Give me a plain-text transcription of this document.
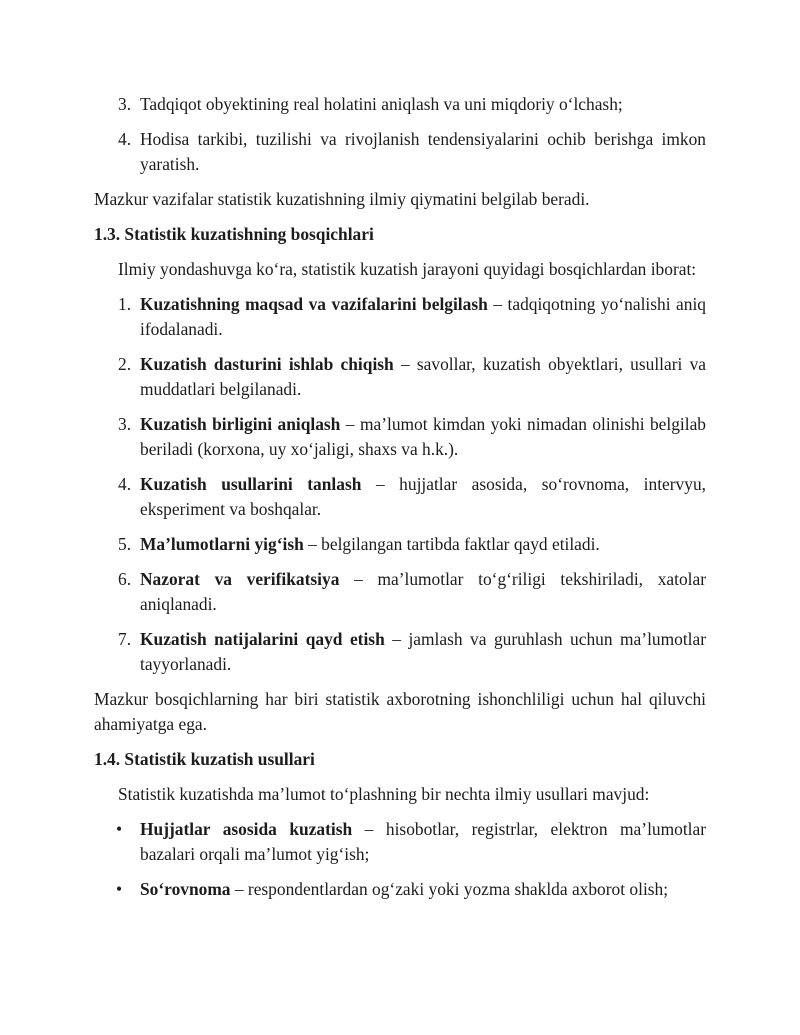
3. Tadqiqot obyektining real holatini aniqlash va uni miqdoriy o‘lchash;
4. Hodisa tarkibi, tuzilishi va rivojlanish tendensiyalarini ochib berishga imkon yaratish.
Mazkur vazifalar statistik kuzatishning ilmiy qiymatini belgilab beradi.
1.3. Statistik kuzatishning bosqichlari
Ilmiy yondashuvga ko‘ra, statistik kuzatish jarayoni quyidagi bosqichlardan iborat:
1. Kuzatishning maqsad va vazifalarini belgilash – tadqiqotning yo‘nalishi aniq ifodalanadi.
2. Kuzatish dasturini ishlab chiqish – savollar, kuzatish obyektlari, usullari va muddatlari belgilanadi.
3. Kuzatish birligini aniqlash – ma’lumot kimdan yoki nimadan olinishi belgilab beriladi (korxona, uy xo‘jaligi, shaxs va h.k.).
4. Kuzatish usullarini tanlash – hujjatlar asosida, so‘rovnoma, intervyu, eksperiment va boshqalar.
5. Ma’lumotlarni yig‘ish – belgilangan tartibda faktlar qayd etiladi.
6. Nazorat va verifikatsiya – ma’lumotlar to‘g‘riligi tekshiriladi, xatolar aniqlanadi.
7. Kuzatish natijalarini qayd etish – jamlash va guruhlash uchun ma’lumotlar tayyorlanadi.
Mazkur bosqichlarning har biri statistik axborotning ishonchliligi uchun hal qiluvchi ahamiyatga ega.
1.4. Statistik kuzatish usullari
Statistik kuzatishda ma’lumot to‘plashning bir nechta ilmiy usullari mavjud:
• Hujjatlar asosida kuzatish – hisobotlar, registrlar, elektron ma’lumotlar bazalari orqali ma’lumot yig‘ish;
• So‘rovnoma – respondentlardan og‘zaki yoki yozma shaklda axborot olish;
